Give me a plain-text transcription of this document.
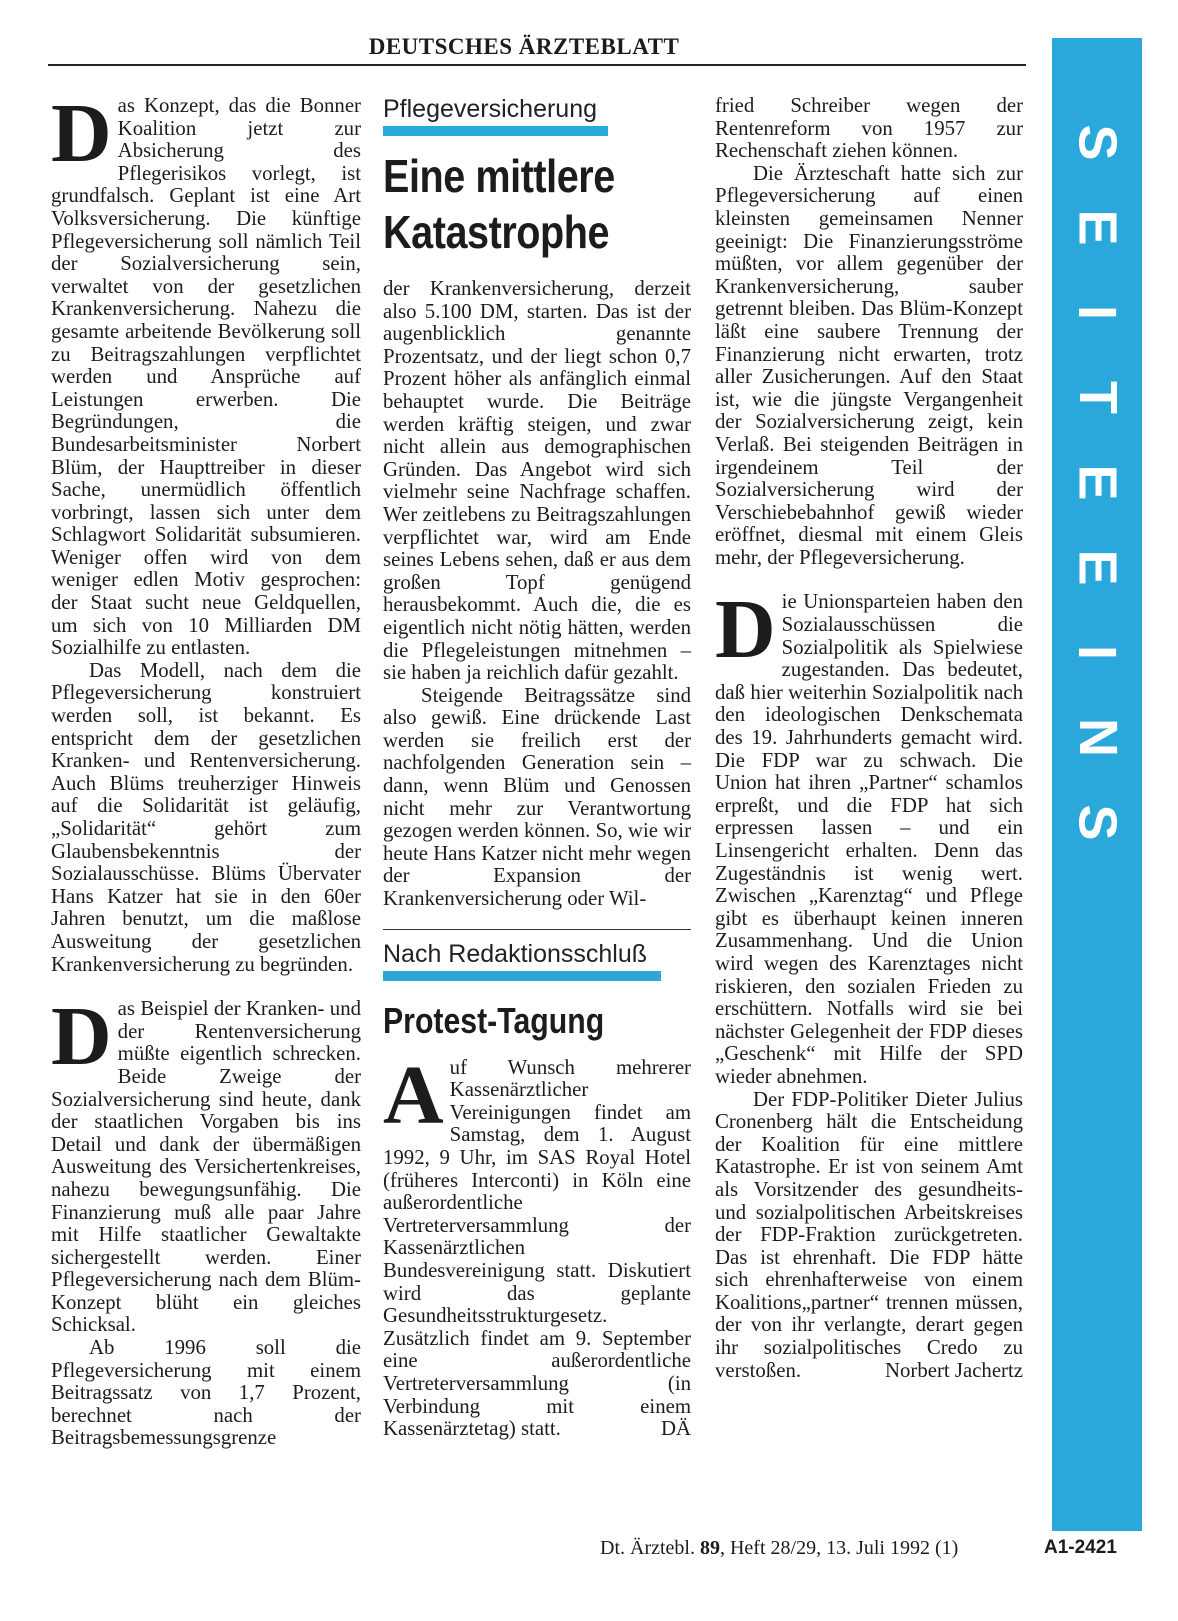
DEUTSCHES ÄRZTEBLATT
S
E
I
T
E
E
I
N
S

Das Konzept, das die Bonner Koalition jetzt zur Absicherung des Pflegerisikos vorlegt, ist grundfalsch. Geplant ist eine Art Volksversicherung. Die künftige Pflegeversicherung soll nämlich Teil der Sozialversicherung sein, verwaltet von der gesetzlichen Krankenversicherung. Nahezu die gesamte arbeitende Bevölkerung soll zu Beitragszahlungen verpflichtet werden und Ansprüche auf Leistungen erwerben. Die Begründungen, die Bundesarbeitsminister Norbert Blüm, der Haupttreiber in dieser Sache, unermüdlich öffentlich vorbringt, lassen sich unter dem Schlagwort Solidarität subsumieren. Weniger offen wird von dem weniger edlen Motiv gesprochen: der Staat sucht neue Geldquellen, um sich von 10 Milliarden DM Sozialhilfe zu entlasten.

Das Modell, nach dem die Pflegeversicherung konstruiert werden soll, ist bekannt. Es entspricht dem der gesetzlichen Kranken- und Rentenversicherung. Auch Blüms treuherziger Hinweis auf die Solidarität ist geläufig, „Solidarität“ gehört zum Glaubensbekenntnis der Sozialausschüsse. Blüms Übervater Hans Katzer hat sie in den 60er Jahren benutzt, um die maßlose Ausweitung der gesetzlichen Krankenversicherung zu begründen.

Das Beispiel der Kranken- und der Rentenversicherung müßte eigentlich schrecken. Beide Zweige der Sozialversicherung sind heute, dank der staatlichen Vorgaben bis ins Detail und dank der übermäßigen Ausweitung des Versichertenkreises, nahezu bewegungsunfähig. Die Finanzierung muß alle paar Jahre mit Hilfe staatlicher Gewaltakte sichergestellt werden. Einer Pflegeversicherung nach dem Blüm-Konzept blüht ein gleiches Schicksal.

Ab 1996 soll die Pflegeversicherung mit einem Beitragssatz von 1,7 Prozent, berechnet nach der Beitragsbemessungsgrenze

Pflegeversicherung
Eine mittlere
Katastrophe

der Krankenversicherung, derzeit also 5.100 DM, starten. Das ist der augenblicklich genannte Prozentsatz, und der liegt schon 0,7 Prozent höher als anfänglich einmal behauptet wurde. Die Beiträge werden kräftig steigen, und zwar nicht allein aus demographischen Gründen. Das Angebot wird sich vielmehr seine Nachfrage schaffen. Wer zeitlebens zu Beitragszahlungen verpflichtet war, wird am Ende seines Lebens sehen, daß er aus dem großen Topf genügend herausbekommt. Auch die, die es eigentlich nicht nötig hätten, werden die Pflegeleistungen mitnehmen – sie haben ja reichlich dafür gezahlt.

Steigende Beitragssätze sind also gewiß. Eine drückende Last werden sie freilich erst der nachfolgenden Generation sein – dann, wenn Blüm und Genossen nicht mehr zur Verantwortung gezogen werden können. So, wie wir heute Hans Katzer nicht mehr wegen der Expansion der Krankenversicherung oder Wil-

Nach Redaktionsschluß
Protest-Tagung

Auf Wunsch mehrerer Kassenärztlicher Vereinigungen findet am Samstag, dem 1. August 1992, 9 Uhr, im SAS Royal Hotel (früheres Interconti) in Köln eine außerordentliche Vertreterversammlung der Kassenärztlichen Bundesvereinigung statt. Diskutiert wird das geplante Gesundheitsstrukturgesetz. Zusätzlich findet am 9. September eine außerordentliche Vertreterversammlung (in Verbindung mit einem Kassenärztetag) statt.	DÄ

fried Schreiber wegen der Rentenreform von 1957 zur Rechenschaft ziehen können.

Die Ärzteschaft hatte sich zur Pflegeversicherung auf einen kleinsten gemeinsamen Nenner geeinigt: Die Finanzierungsströme müßten, vor allem gegenüber der Krankenversicherung, sauber getrennt bleiben. Das Blüm-Konzept läßt eine saubere Trennung der Finanzierung nicht erwarten, trotz aller Zusicherungen. Auf den Staat ist, wie die jüngste Vergangenheit der Sozialversicherung zeigt, kein Verlaß. Bei steigenden Beiträgen in irgendeinem Teil der Sozialversicherung wird der Verschiebebahnhof gewiß wieder eröffnet, diesmal mit einem Gleis mehr, der Pflegeversicherung.

Die Unionsparteien haben den Sozialausschüssen die Sozialpolitik als Spielwiese zugestanden. Das bedeutet, daß hier weiterhin Sozialpolitik nach den ideologischen Denkschemata des 19. Jahrhunderts gemacht wird. Die FDP war zu schwach. Die Union hat ihren „Partner“ schamlos erpreßt, und die FDP hat sich erpressen lassen – und ein Linsengericht erhalten. Denn das Zugeständnis ist wenig wert. Zwischen „Karenztag“ und Pflege gibt es überhaupt keinen inneren Zusammenhang. Und die Union wird wegen des Karenztages nicht riskieren, den sozialen Frieden zu erschüttern. Notfalls wird sie bei nächster Gelegenheit der FDP dieses „Geschenk“ mit Hilfe der SPD wieder abnehmen.

Der FDP-Politiker Dieter Julius Cronenberg hält die Entscheidung der Koalition für eine mittlere Katastrophe. Er ist von seinem Amt als Vorsitzender des gesundheits- und sozialpolitischen Arbeitskreises der FDP-Fraktion zurückgetreten. Das ist ehrenhaft. Die FDP hätte sich ehrenhafterweise von einem Koalitions„partner“ trennen müssen, der von ihr verlangte, derart gegen ihr sozialpolitisches Credo zu verstoßen.	Norbert Jachertz

Dt. Ärztebl. 89, Heft 28/29, 13. Juli 1992 (1)	A1-2421
